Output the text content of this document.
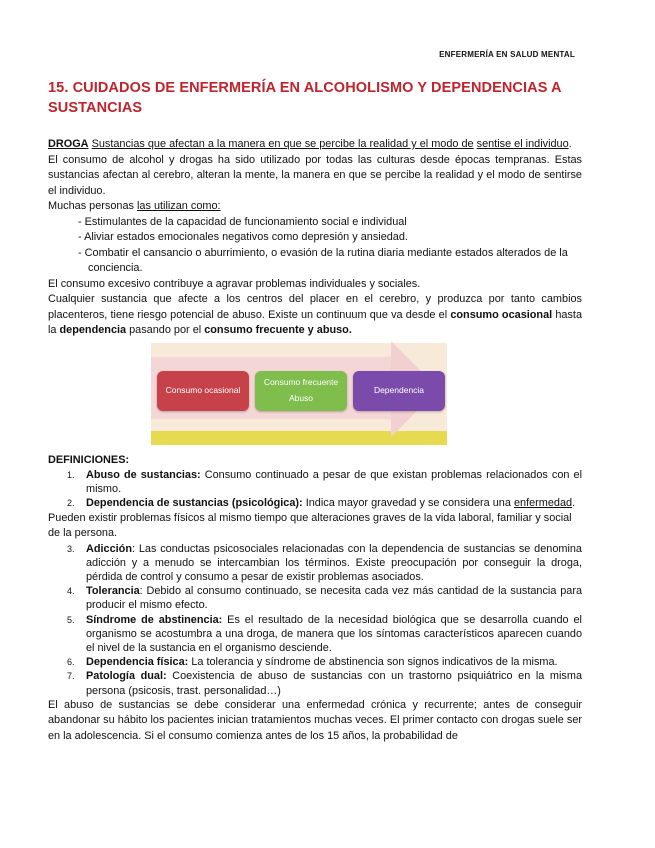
ENFERMERÍA EN SALUD MENTAL
15. CUIDADOS DE ENFERMERÍA EN ALCOHOLISMO Y DEPENDENCIAS A SUSTANCIAS

DROGA Sustancias que afectan a la manera en que se percibe la realidad y el modo de sentise el individuo.

El consumo de alcohol y drogas ha sido utilizado por todas las culturas desde épocas tempranas. Estas sustancias afectan al cerebro, alteran la mente, la manera en que se percibe la realidad y el modo de sentirse el individuo.

Muchas personas las utilizan como:

- Estimulantes de la capacidad de funcionamiento social e individual
- Aliviar estados emocionales negativos como depresión y ansiedad.
- Combatir el cansancio o aburrimiento, o evasión de la rutina diaria mediante estados alterados de la conciencia.

El consumo excesivo contribuye a agravar problemas individuales y sociales.

Cualquier sustancia que afecte a los centros del placer en el cerebro, y produzca por tanto cambios placenteros, tiene riesgo potencial de abuso. Existe un continuum que va desde el consumo ocasional hasta la dependencia pasando por el consumo frecuente y abuso.

Consumo ocasional
Consumo frecuente
Abuso
Dependencia

DEFINICIONES:

1. Abuso de sustancias: Consumo continuado a pesar de que existan problemas relacionados con el mismo.
2. Dependencia de sustancias (psicológica): Indica mayor gravedad y se considera una enfermedad.

Pueden existir problemas físicos al mismo tiempo que alteraciones graves de la vida laboral, familiar y social de la persona.

3. Adicción: Las conductas psicosociales relacionadas con la dependencia de sustancias se denomina adicción y a menudo se intercambian los términos. Existe preocupación por conseguir la droga, pérdida de control y consumo a pesar de existir problemas asociados.
4. Tolerancia: Debido al consumo continuado, se necesita cada vez más cantidad de la sustancia para producir el mismo efecto.
5. Síndrome de abstinencia: Es el resultado de la necesidad biológica que se desarrolla cuando el organismo se acostumbra a una droga, de manera que los síntomas característicos aparecen cuando el nivel de la sustancia en el organismo desciende.
6. Dependencia física: La tolerancia y síndrome de abstinencia son signos indicativos de la misma.
7. Patología dual: Coexistencia de abuso de sustancias con un trastorno psiquiátrico en la misma persona (psicosis, trast. personalidad…)

El abuso de sustancias se debe considerar una enfermedad crónica y recurrente; antes de conseguir abandonar su hábito los pacientes inician tratamientos muchas veces. El primer contacto con drogas suele ser en la adolescencia. Si el consumo comienza antes de los 15 años, la probabilidad de
